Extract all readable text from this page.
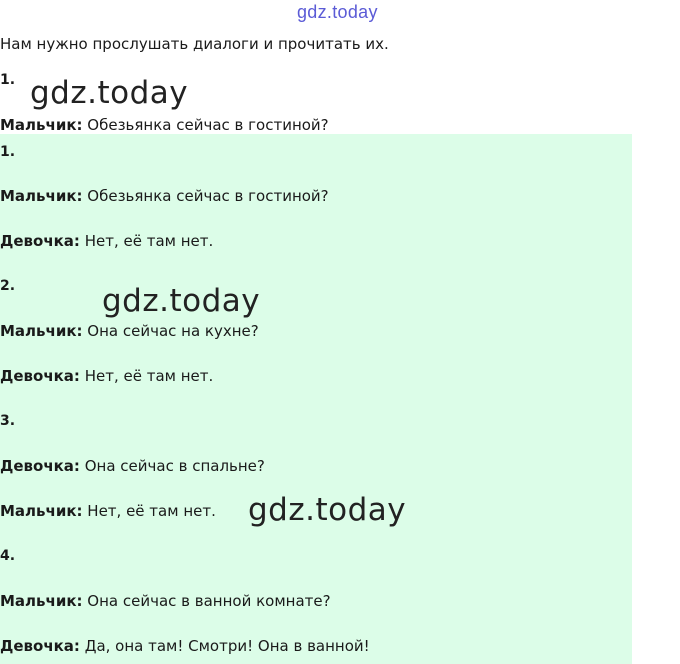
gdz.today
Нам нужно прослушать диалоги и прочитать их.
1. gdz.today
Мальчик: Обезьянка сейчас в гостиной?
1.
Мальчик: Обезьянка сейчас в гостиной?
Девочка: Нет, её там нет.
2.	gdz.today
Мальчик: Она сейчас на кухне?
Девочка: Нет, её там нет.
3.
Девочка: Она сейчас в спальне?
Мальчик: Нет, её там нет. gdz.today
4.
Мальчик: Она сейчас в ванной комнате?
Девочка: Да, она там! Смотри! Она в ванной!
